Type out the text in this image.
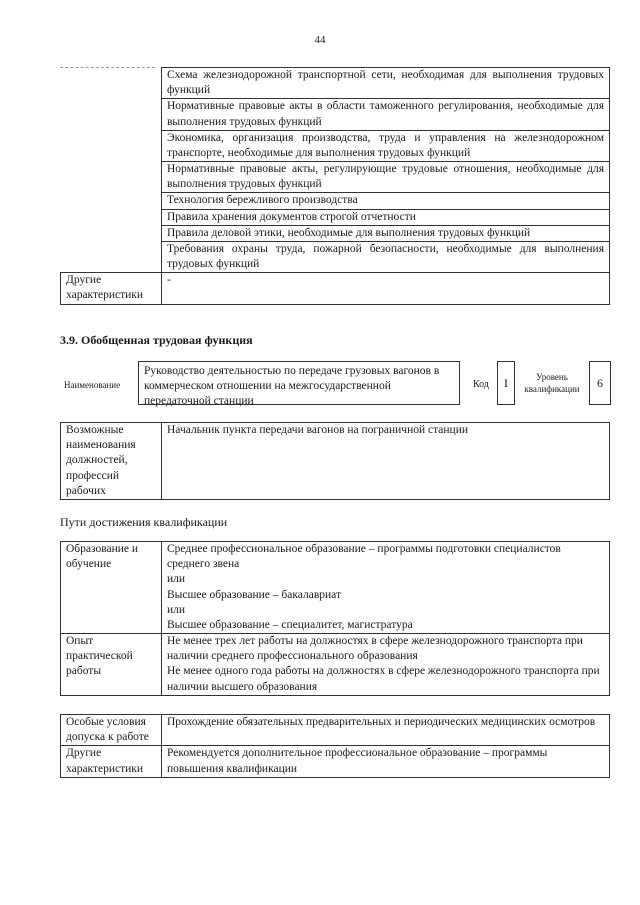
44
	Схема железнодорожной транспортной сети, необходимая для выполнения трудовых функций
	Нормативные правовые акты в области таможенного регулирования, необходимые для выполнения трудовых функций
	Экономика, организация производства, труда и управления на железнодорожном транспорте, необходимые для выполнения трудовых функций
	Нормативные правовые акты, регулирующие трудовые отношения, необходимые для выполнения трудовых функций
	Технология бережливого производства
	Правила хранения документов строгой отчетности
	Правила деловой этики, необходимые для выполнения трудовых функций
	Требования охраны труда, пожарной безопасности, необходимые для выполнения трудовых функций
Другие характеристики	-
3.9. Обобщенная трудовая функция
Наименование
Руководство деятельностью по передаче грузовых вагонов в коммерческом отношении на межгосударственной передаточной станции
Код	I	Уровень квалификации	6
Возможные наименования должностей, профессий рабочих	Начальник пункта передачи вагонов на пограничной станции
Пути достижения квалификации
Образование и обучение	Среднее профессиональное образование – программы подготовки специалистов среднего звена
или
Высшее образование – бакалавриат
или
Высшее образование – специалитет, магистратура

Опыт практической работы	Не менее трех лет работы на должностях в сфере железнодорожного транспорта при наличии среднего профессионального образования
Не менее одного года работы на должностях в сфере железнодорожного транспорта при наличии высшего образования
Особые условия допуска к работе	Прохождение обязательных предварительных и периодических медицинских осмотров
Другие характеристики	Рекомендуется дополнительное профессиональное образование – программы повышения квалификации
